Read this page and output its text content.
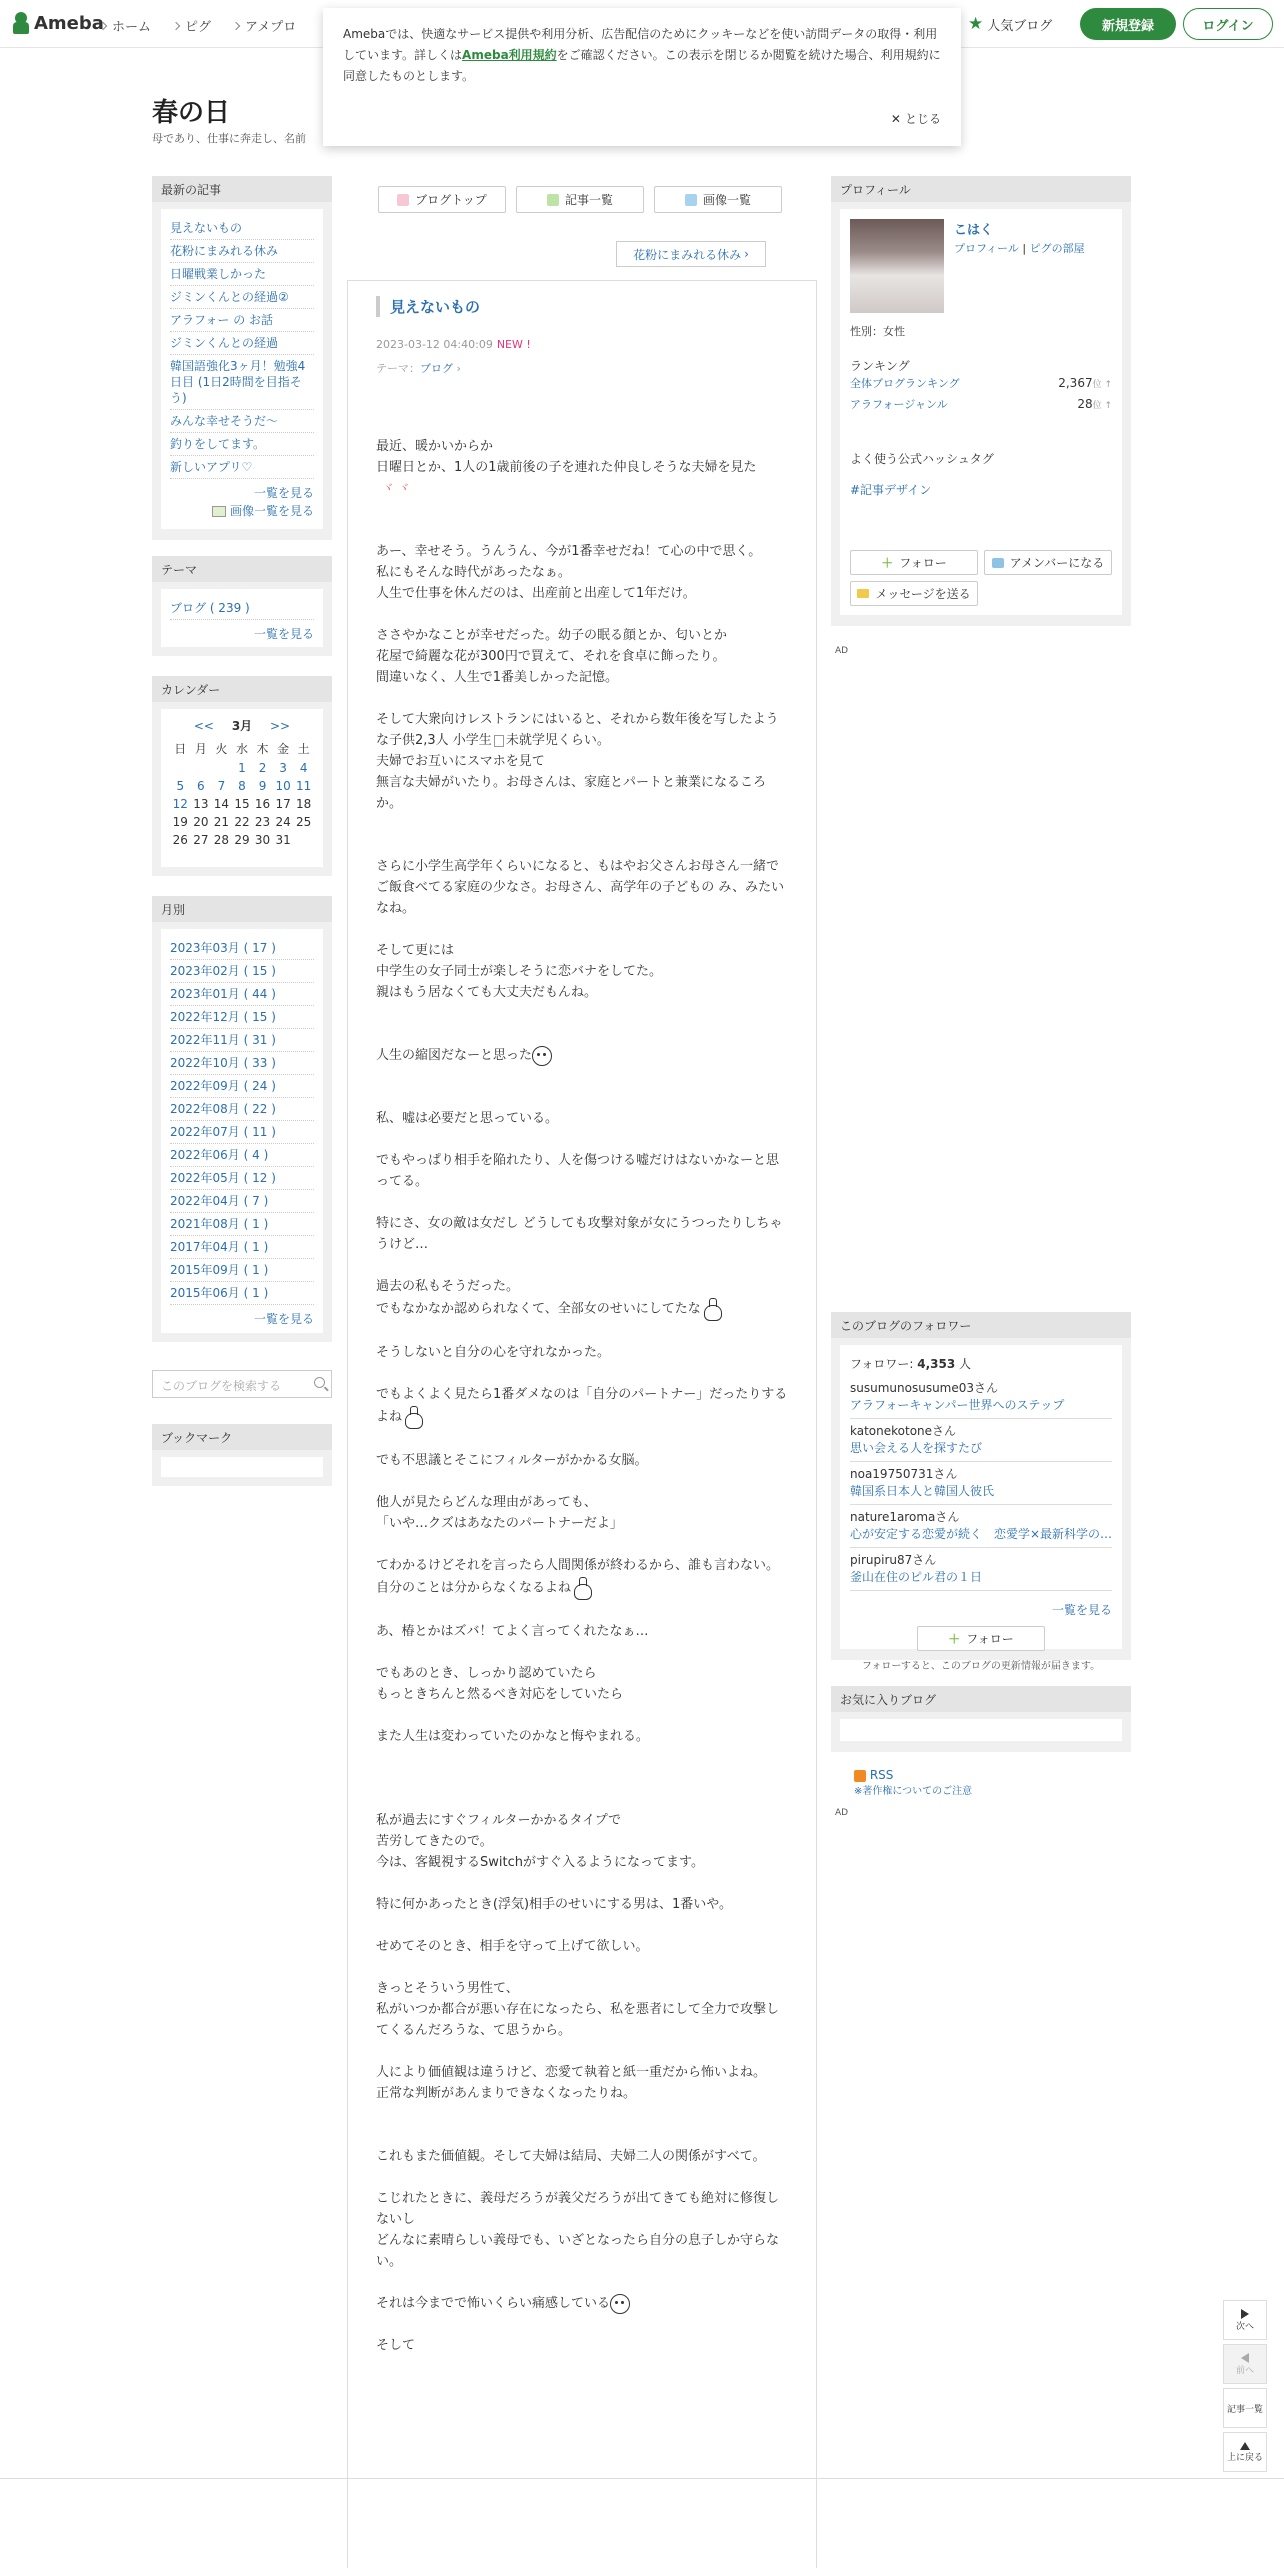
Ameba ホーム	ピグ	アメプロ	★ 人気ブログ	新規登録	ログイン
Amebaでは、快適なサービス提供や利用分析、広告配信のためにクッキーなどを使い訪問データの取得・利用しています。詳しくはAmeba利用規約をご確認ください。この表示を閉じるか閲覧を続けた場合、利用規約に同意したものとします。
✕ とじる
春の日
母であり、仕事に奔走し、名前
最新の記事
見えないもの
花粉にまみれる休み
日曜戦業しかった
ジミンくんとの経過②
アラフォー の お話
ジミンくんとの経過
韓国語強化3ヶ月！勉強4日目 (1日2時間を目指そう)
みんな幸せそうだ〜
釣りをしてます。
新しいアプリ♡
一覧を見る
画像一覧を見る
テーマ
ブログ ( 239 )
一覧を見る
カレンダー
<< 3月 >>
日	月	火	水	木	金	土
			1	2	3	4
5	6	7	8	9	10	11
12	13	14	15	16	17	18
19	20	21	22	23	24	25
26	27	28	29	30	31	
月別
2023年03月 ( 17 )
2023年02月 ( 15 )
2023年01月 ( 44 )
2022年12月 ( 15 )
2022年11月 ( 31 )
2022年10月 ( 33 )
2022年09月 ( 24 )
2022年08月 ( 22 )
2022年07月 ( 11 )
2022年06月 ( 4 )
2022年05月 ( 12 )
2022年04月 ( 7 )
2021年08月 ( 1 )
2017年04月 ( 1 )
2015年09月 ( 1 )
2015年06月 ( 1 )
一覧を見る
このブログを検索する
ブックマーク
ブログトップ	記事一覧	画像一覧
花粉にまみれる休み ›
見えないもの
2023-03-12 04:40:09 NEW !
テーマ：ブログ ›
最近、暖かいからか
日曜日とか、1人の1歳前後の子を連れた仲良しそうな夫婦を見た
ヾ ヾ
あー、幸せそう。うんうん、今が1番幸せだね！て心の中で思く。
私にもそんな時代があったなぁ。
人生で仕事を休んだのは、出産前と出産して1年だけ。
ささやかなことが幸せだった。幼子の眠る顔とか、匂いとか
花屋で綺麗な花が300円で買えて、それを食卓に飾ったり。
間違いなく、人生で1番美しかった記憶。
そして大衆向けレストランにはいると、それから数年後を写したような子供2,3人 小学生 未就学児くらい。
夫婦でお互いにスマホを見て
無言な夫婦がいたり。お母さんは、家庭とパートと兼業になるころか。
さらに小学生高学年くらいになると、もはやお父さんお母さん一緒でご飯食べてる家庭の少なさ。お母さん、高学年の子どもの み、みたいなね。
そして更には
中学生の女子同士が楽しそうに恋バナをしてた。
親はもう居なくても大丈夫だもんね。
人生の縮図だなーと思った
私、嘘は必要だと思っている。
でもやっぱり相手を陥れたり、人を傷つける嘘だけはないかなーと思ってる。
特にさ、女の敵は女だし どうしても攻撃対象が女にうつったりしちゃうけど…
過去の私もそうだった。
でもなかなか認められなくて、全部女のせいにしてたな
そうしないと自分の心を守れなかった。
でもよくよく見たら1番ダメなのは「自分のパートナー」だったりするよね
でも不思議とそこにフィルターがかかる女脳。
他人が見たらどんな理由があっても、
「いや…クズはあなたのパートナーだよ」
てわかるけどそれを言ったら人間関係が終わるから、誰も言わない。
自分のことは分からなくなるよね
あ、椿とかはズバ！てよく言ってくれたなぁ…
でもあのとき、しっかり認めていたら
もっときちんと然るべき対応をしていたら
また人生は変わっていたのかなと悔やまれる。
私が過去にすぐフィルターかかるタイプで
苦労してきたので。
今は、客観視するSwitchがすぐ入るようになってます。
特に何かあったとき(浮気)相手のせいにする男は、1番いや。
せめてそのとき、相手を守って上げて欲しい。
きっとそういう男性て、
私がいつか都合が悪い存在になったら、私を悪者にして全力で攻撃してくるんだろうな、て思うから。
人により価値観は違うけど、恋愛て執着と紙一重だから怖いよね。
正常な判断があんまりできなくなったりね。
これもまた価値観。そして夫婦は結局、夫婦二人の関係がすべて。
こじれたときに、義母だろうが義父だろうが出てきても絶対に修復しないし
どんなに素晴らしい義母でも、いざとなったら自分の息子しか守らない。
それは今までで怖いくらい痛感している
そして
プロフィール
こはく
プロフィール | ピグの部屋
性別：女性
ランキング
全体ブログランキング	2,367位 ↑
アラフォージャンル	28位 ↑
よく使う公式ハッシュタグ
#記事デザイン
＋ フォロー	アメンバーになる
メッセージを送る
AD
このブログのフォロワー
フォロワー: 4,353 人
susumunosusume03さん
アラフォーキャンパー世界へのステップ
katonekotoneさん
思い会える人を探すたび
noa19750731さん
韓国系日本人と韓国人彼氏
nature1aromaさん
心が安定する恋愛が続く　恋愛学×最新科学の…
pirupiru87さん
釜山在住のピル君の１日
一覧を見る
＋ フォロー
フォローすると、このブログの更新情報が届きます。
お気に入りブログ
RSS
※著作権についてのご注意
AD
次へ
前へ
記事一覧
上に戻る
